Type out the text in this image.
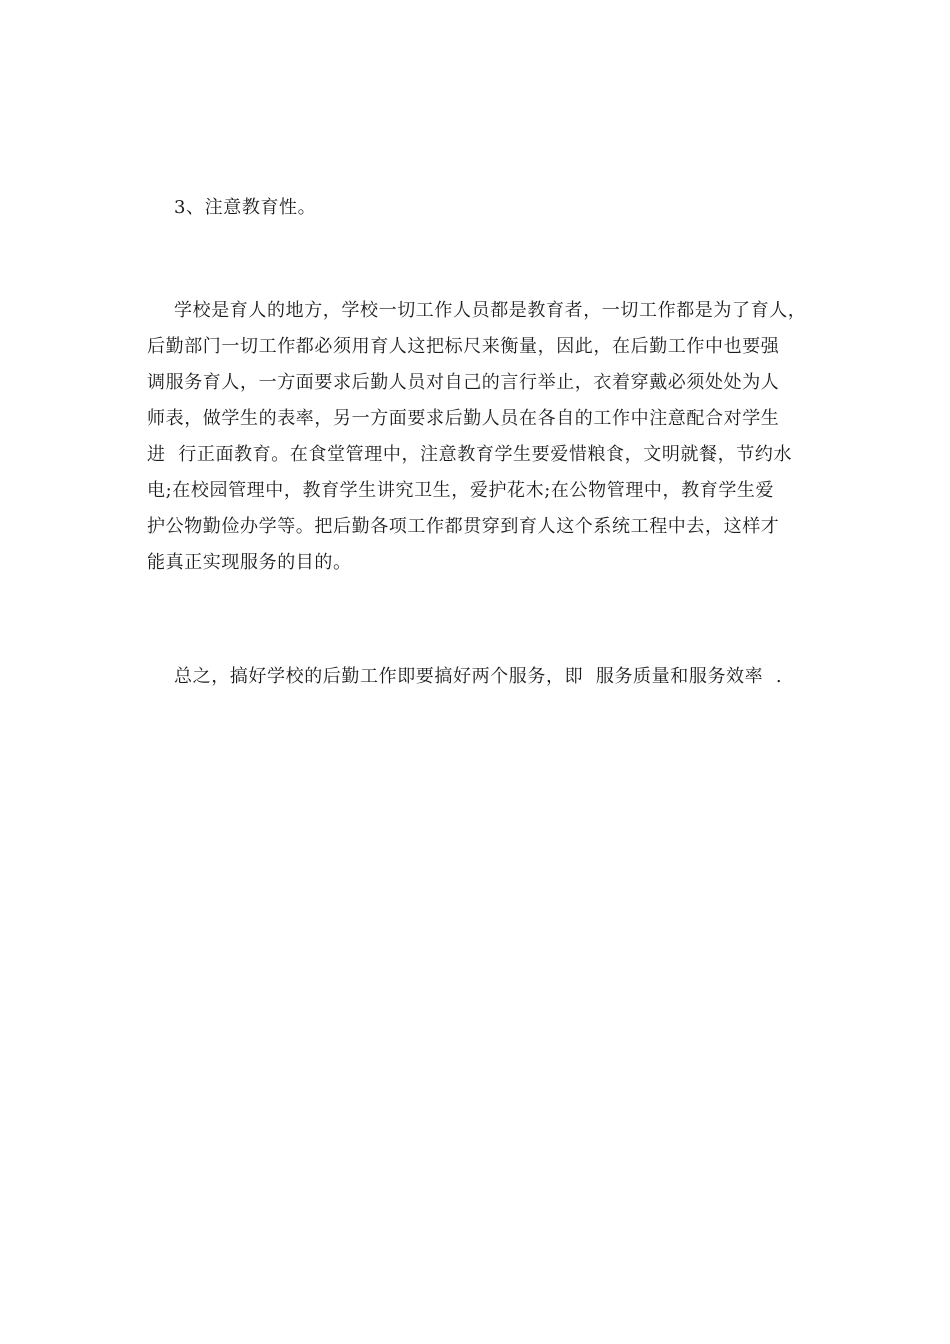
3、注意教育性。
学校是育人的地方，学校一切工作人员都是教育者，一切工作都是为了育人，
后勤部门一切工作都必须用育人这把标尺来衡量，因此，在后勤工作中也要强
调服务育人，一方面要求后勤人员对自己的言行举止，衣着穿戴必须处处为人
师表，做学生的表率，另一方面要求后勤人员在各自的工作中注意配合对学生
进  行正面教育。在食堂管理中，注意教育学生要爱惜粮食，文明就餐，节约水
电;在校园管理中，教育学生讲究卫生，爱护花木;在公物管理中，教育学生爱
护公物勤俭办学等。把后勤各项工作都贯穿到育人这个系统工程中去，这样才
能真正实现服务的目的。
总之，搞好学校的后勤工作即要搞好两个服务，即  服务质量和服务效率  .
